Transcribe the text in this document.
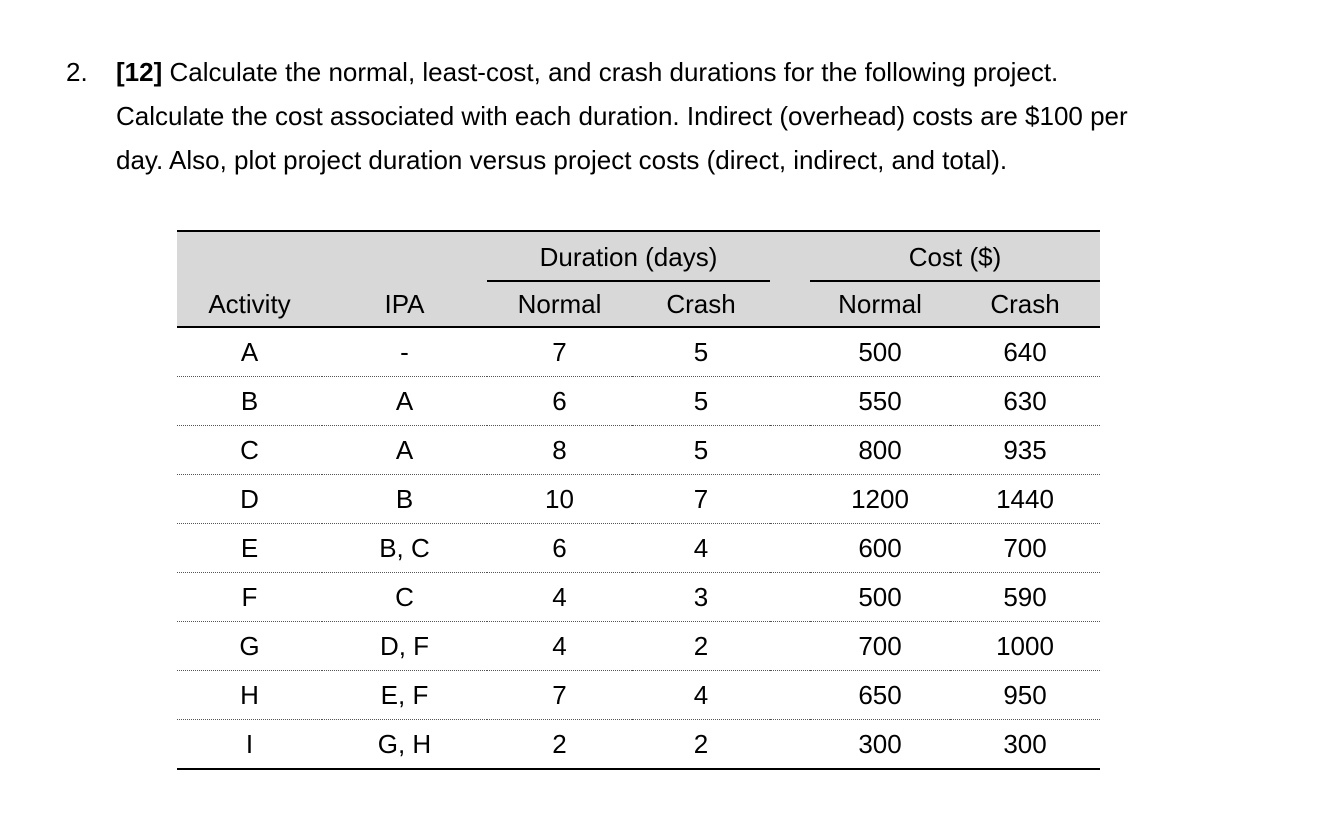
2. [12] Calculate the normal, least-cost, and crash durations for the following project.
Calculate the cost associated with each duration. Indirect (overhead) costs are $100 per
day. Also, plot project duration versus project costs (direct, indirect, and total).
		Duration (days)			Cost ($)	
Activity	IPA	Normal	Crash		Normal	Crash
A	-	7	5		500	640
B	A	6	5		550	630
C	A	8	5		800	935
D	B	10	7		1200	1440
E	B, C	6	4		600	700
F	C	4	3		500	590
G	D, F	4	2		700	1000
H	E, F	7	4		650	950
I	G, H	2	2		300	300
